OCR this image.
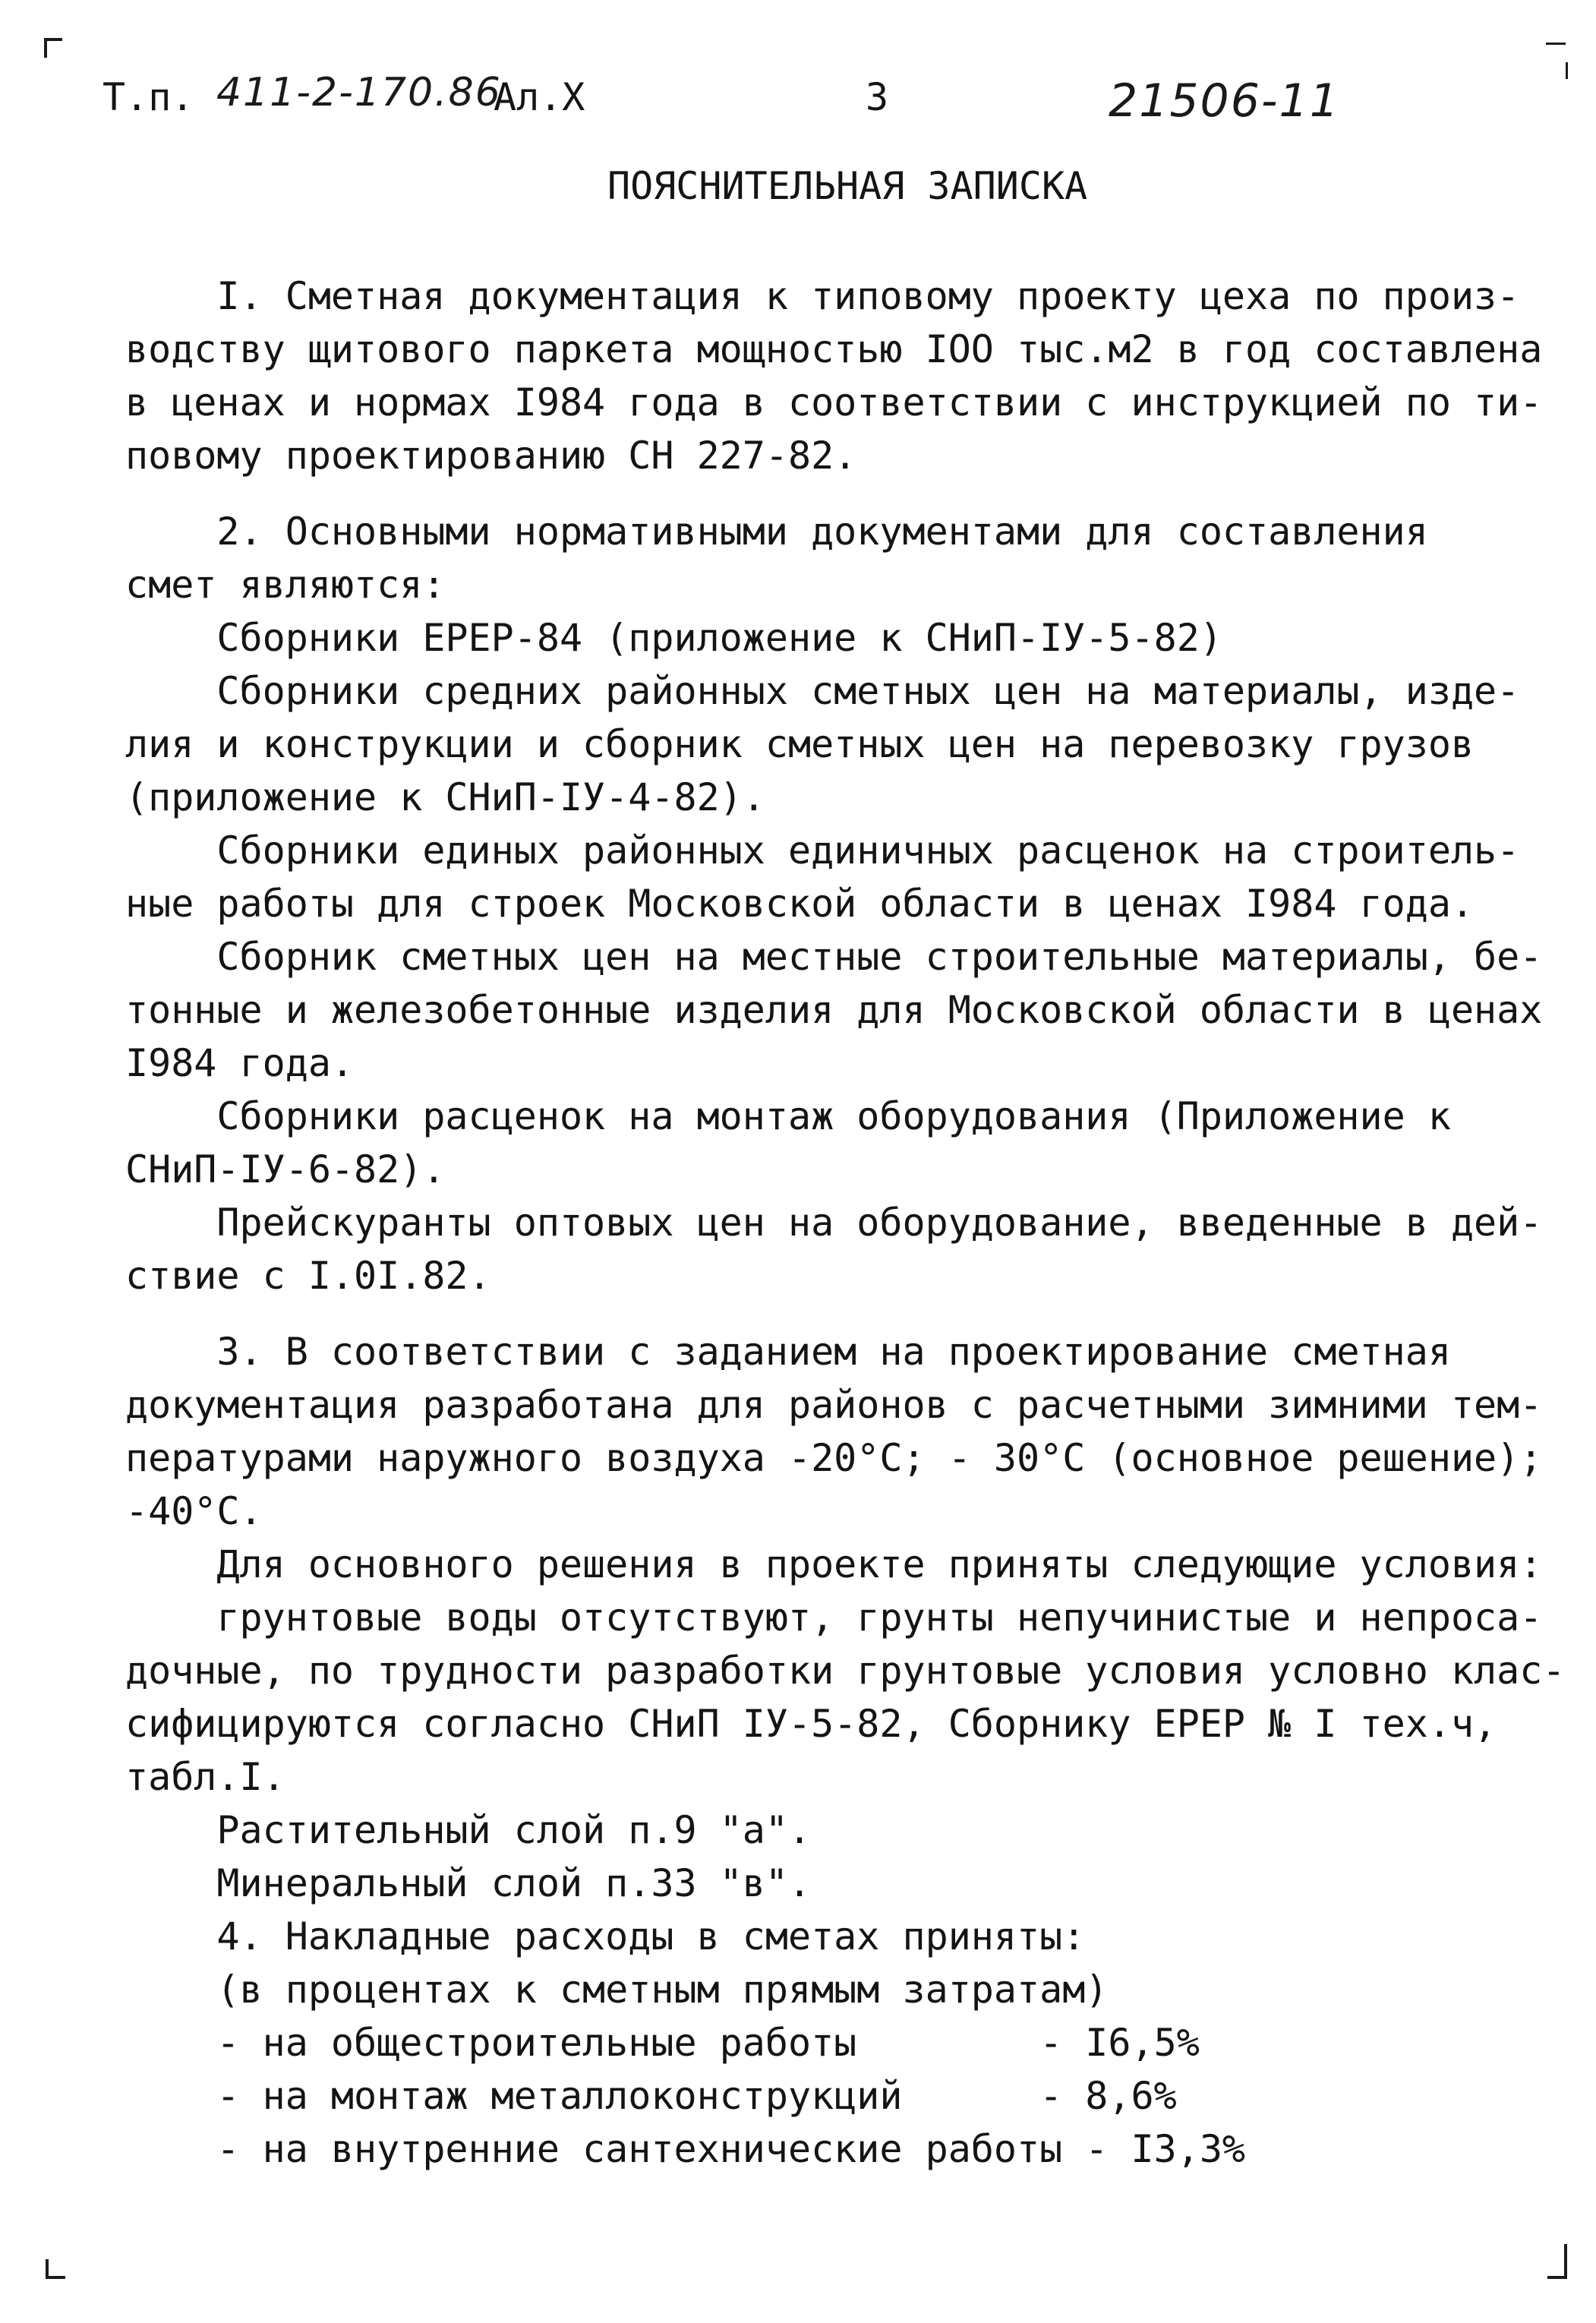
Т.п. 411-2-170.86
Ал.Х	3	21506-11
ПОЯСНИТЕЛЬНАЯ ЗАПИСКА
I. Сметная документация к типовому проекту цеха по произ-
водству щитового паркета мощностью IOO тыс.м2 в год составлена
в ценах и нормах I984 года в соответствии с инструкцией по ти-
повому проектированию СН 227-82.
2. Основными нормативными документами для составления
смет являются:
Сборники ЕРЕР-84 (приложение к СНиП-IУ-5-82)
Сборники средних районных сметных цен на материалы, изде-
лия и конструкции и сборник сметных цен на перевозку грузов
(приложение к СНиП-IУ-4-82).
Сборники единых районных единичных расценок на строитель-
ные работы для строек Московской области в ценах I984 года.
Сборник сметных цен на местные строительные материалы, бе-
тонные и железобетонные изделия для Московской области в ценах
I984 года.
Сборники расценок на монтаж оборудования (Приложение к
СНиП-IУ-6-82).
Прейскуранты оптовых цен на оборудование, введенные в дей-
ствие с I.0I.82.
3. В соответствии с заданием на проектирование сметная
документация разработана для районов с расчетными зимними тем-
пературами наружного воздуха -20°С; - 30°С (основное решение);
-40°С.
Для основного решения в проекте приняты следующие условия:
грунтовые воды отсутствуют, грунты непучинистые и непроса-
дочные, по трудности разработки грунтовые условия условно клас-
сифицируются согласно СНиП IУ-5-82, Сборнику ЕРЕР № I тех.ч,
табл.I.
Растительный слой п.9 "а".
Минеральный слой п.33 "в".
4. Накладные расходы в сметах приняты:
(в процентах к сметным прямым затратам)
- на общестроительные работы        - I6,5%
- на монтаж металлоконструкций      - 8,6%
- на внутренние сантехнические работы - I3,3%
